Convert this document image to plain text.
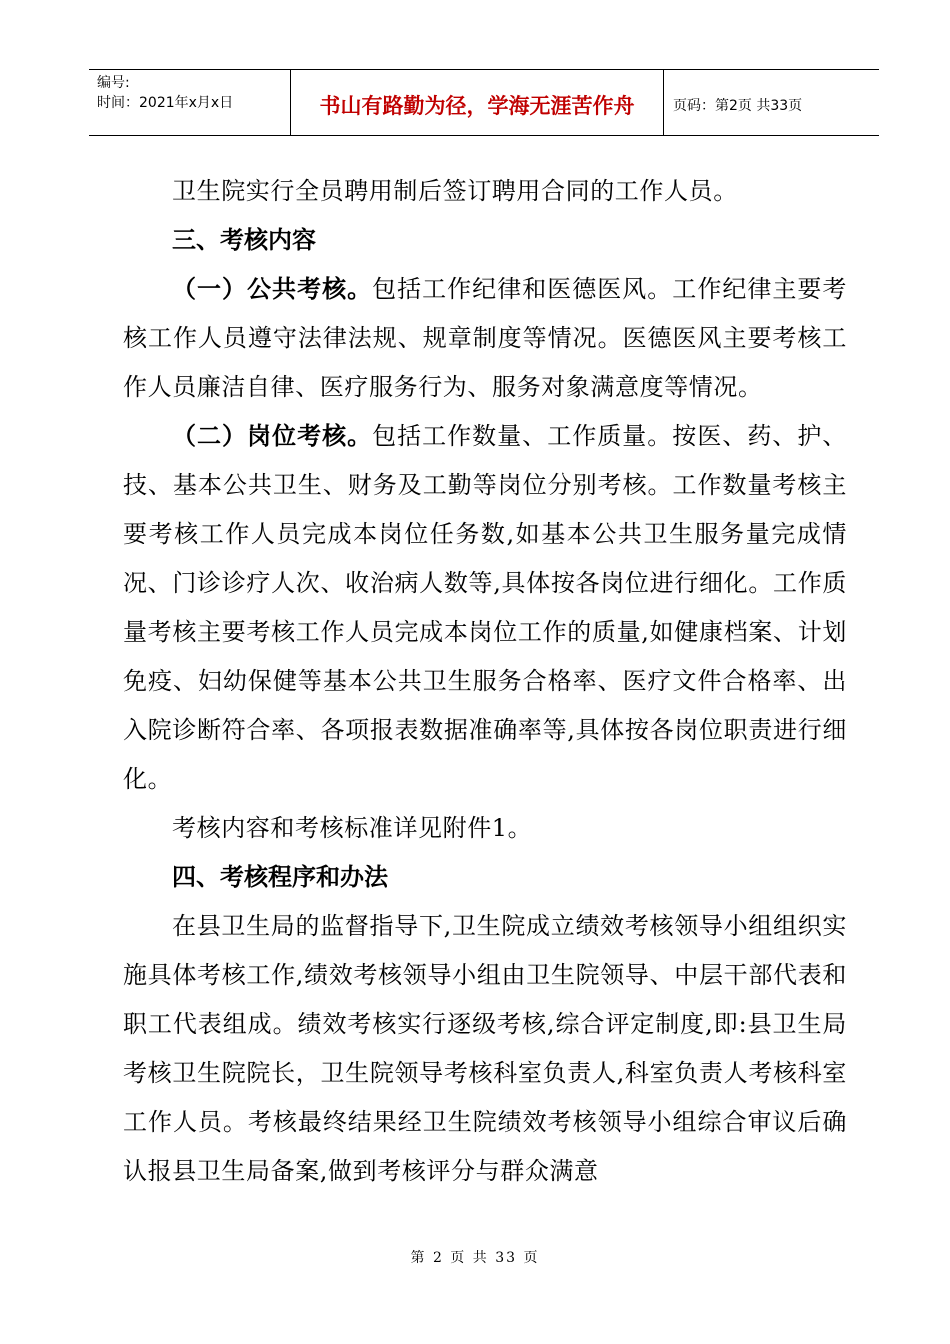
编号:
时间：2021年x月x日	书山有路勤为径，学海无涯苦作舟	页码：第2页 共33页

卫生院实行全员聘用制后签订聘用合同的工作人员。

三、考核内容

（一）公共考核。包括工作纪律和医德医风。工作纪律主要考核工作人员遵守法律法规、规章制度等情况。医德医风主要考核工作人员廉洁自律、医疗服务行为、服务对象满意度等情况。

（二）岗位考核。包括工作数量、工作质量。按医、药、护、技、基本公共卫生、财务及工勤等岗位分别考核。工作数量考核主要考核工作人员完成本岗位任务数,如基本公共卫生服务量完成情况、门诊诊疗人次、收治病人数等,具体按各岗位进行细化。工作质量考核主要考核工作人员完成本岗位工作的质量,如健康档案、计划免疫、妇幼保健等基本公共卫生服务合格率、医疗文件合格率、出入院诊断符合率、各项报表数据准确率等,具体按各岗位职责进行细化。

考核内容和考核标准详见附件1。

四、考核程序和办法

在县卫生局的监督指导下,卫生院成立绩效考核领导小组组织实施具体考核工作,绩效考核领导小组由卫生院领导、中层干部代表和职工代表组成。绩效考核实行逐级考核,综合评定制度,即:县卫生局考核卫生院院长，卫生院领导考核科室负责人,科室负责人考核科室工作人员。考核最终结果经卫生院绩效考核领导小组综合审议后确认报县卫生局备案,做到考核评分与群众满意

第 2 页 共 33 页
